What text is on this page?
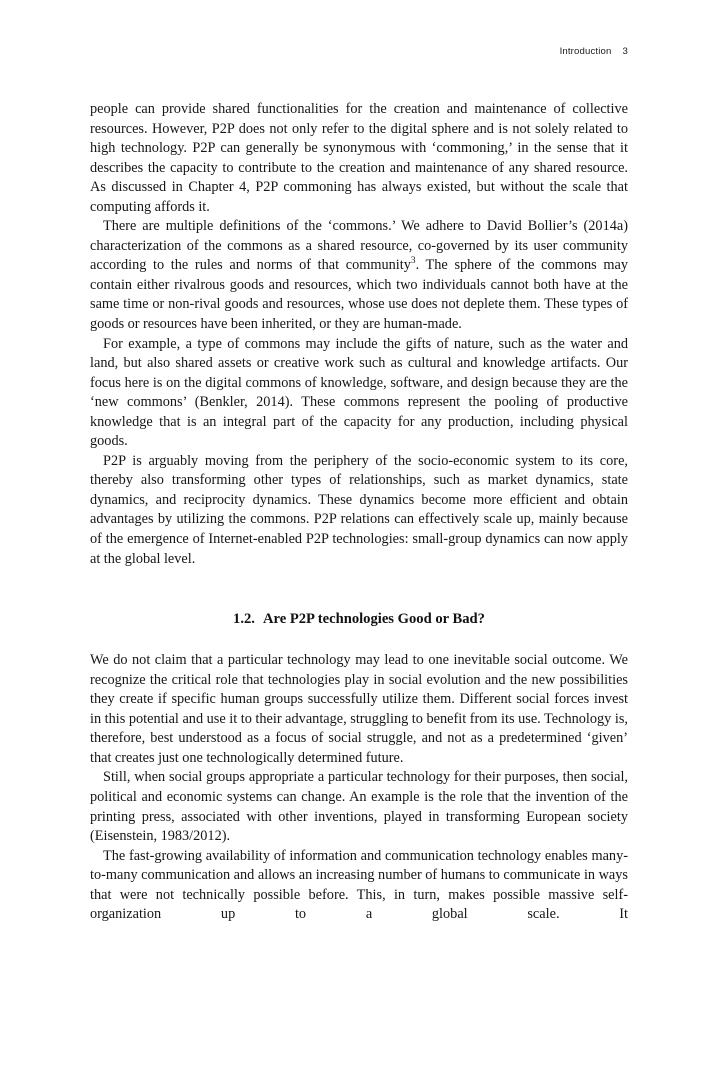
Introduction 3

people can provide shared functionalities for the creation and maintenance of collective resources. However, P2P does not only refer to the digital sphere and is not solely related to high technology. P2P can generally be synonymous with ‘commoning,’ in the sense that it describes the capacity to contribute to the creation and maintenance of any shared resource. As discussed in Chapter 4, P2P commoning has always existed, but without the scale that computing affords it.

There are multiple definitions of the ‘commons.’ We adhere to David Bollier’s (2014a) characterization of the commons as a shared resource, co-governed by its user community according to the rules and norms of that community$^3$. The sphere of the commons may contain either rivalrous goods and resources, which two individuals cannot both have at the same time or non-rival goods and resources, whose use does not deplete them. These types of goods or resources have been inherited, or they are human-made.

For example, a type of commons may include the gifts of nature, such as the water and land, but also shared assets or creative work such as cultural and knowledge artifacts. Our focus here is on the digital commons of knowledge, software, and design because they are the ‘new commons’ (Benkler, 2014). These commons represent the pooling of productive knowledge that is an integral part of the capacity for any production, including physical goods.

P2P is arguably moving from the periphery of the socio-economic system to its core, thereby also transforming other types of relationships, such as market dynamics, state dynamics, and reciprocity dynamics. These dynamics become more efficient and obtain advantages by utilizing the commons. P2P relations can effectively scale up, mainly because of the emergence of Internet-enabled P2P technologies: small-group dynamics can now apply at the global level.

1.2. Are P2P technologies Good or Bad?

We do not claim that a particular technology may lead to one inevitable social outcome. We recognize the critical role that technologies play in social evolution and the new possibilities they create if specific human groups successfully utilize them. Different social forces invest in this potential and use it to their advantage, struggling to benefit from its use. Technology is, therefore, best understood as a focus of social struggle, and not as a predetermined ‘given’ that creates just one technologically determined future.

Still, when social groups appropriate a particular technology for their purposes, then social, political and economic systems can change. An example is the role that the invention of the printing press, associated with other inventions, played in transforming European society (Eisenstein, 1983/2012).

The fast-growing availability of information and communication technology enables many-to-many communication and allows an increasing number of humans to communicate in ways that were not technically possible before. This, in turn, makes possible massive self-organization up to a global scale. It
